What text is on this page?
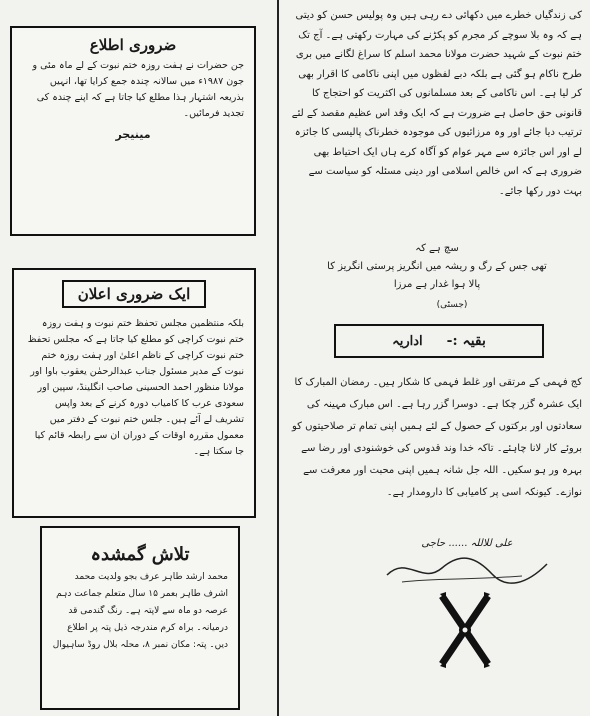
ضروری اطلاع
جن حضرات نے ہفت روزہ ختم نبوت کے لے ماہ مئی و جون ۱۹۸۷ء میں سالانہ چندہ جمع کرایا تھا، انہیں بذریعہ اشتہار ہذا مطلع کیا جاتا ہے کہ اپنے چندہ کی تجدید فرمائیں۔
مینیجر
ایک ضروری اعلان
بلکہ منتظمین مجلس تحفظ ختم نبوت و ہفت روزہ ختم نبوت کراچی کو مطلع کیا جاتا ہے کہ مجلس تحفظ ختم نبوت کراچی کے ناظم اعلیٰ اور ہفت روزہ ختم نبوت کے مدیر مسئول جناب عبدالرحمٰن یعقوب باوا اور مولانا منظور احمد الحسینی صاحب انگلینڈ، سپین اور سعودی عرب کا کامیاب دورہ کرنے کے بعد واپس تشریف لے آئے ہیں۔ جلس ختم نبوت کے دفتر میں معمول مقررہ اوقات کے دوران ان سے رابطہ قائم کیا جا سکتا ہے۔
تلاش گمشدہ
محمد ارشد طاہر عرف بجو ولدیت محمد اشرف طاہر بعمر ۱۵ سال متعلم جماعت دہم عرصہ دو ماہ سے لاپتہ ہے۔ رنگ گندمی قد درمیانہ۔ براہ کرم مندرجہ ذیل پتہ پر اطلاع دیں۔ پتہ: مکان نمبر ۸، محلہ بلال روڈ ساہیوال
کی زندگیاں خطرے میں دکھائی دے رہی ہیں وہ پولیس حسن کو دیتی ہے کہ وہ بلا سوچے کر مجرم کو پکڑنے کی مہارت رکھتی ہے۔ آج تک ختم نبوت کے شہید حضرت مولانا محمد اسلم کا سراغ لگانے میں بری طرح ناکام ہو گئی ہے بلکہ دبے لفظوں میں اپنی ناکامی کا اقرار بھی کر لیا ہے۔ اس ناکامی کے بعد مسلمانوں کی اکثریت کو احتجاج کا قانونی حق حاصل ہے ضرورت ہے کہ ایک وفد اس عظیم مقصد کے لئے ترتیب دیا جائے اور وہ مرزائیوں کی موجودہ خطرناک پالیسی کا جائزہ لے اور اس جائزہ سے مہر عوام کو آگاہ کرے ہاں ایک احتیاط بھی ضروری ہے کہ اس خالص اسلامی اور دینی مسئلہ کو سیاست سے بہت دور رکھا جائے۔
سچ ہے کہ
تھی جس کے رگ و ریشہ میں انگریز پرستی انگریز کا پالا ہوا غدار ہے مرزا
(جسٹی)
بقیہ :-
اداریہ
کج فہمی کے مرتقی اور غلط فہمی کا شکار ہیں۔ رمضان المبارک کا ایک عشرہ گزر چکا ہے۔ دوسرا گزر رہا ہے۔ اس مبارک مہینہ کی سعادتوں اور برکتوں کے حصول کے لئے ہمیں اپنی تمام تر صلاحیتوں کو بروئے کار لانا چاہئے۔ تاکہ خدا وند قدوس کی خوشنودی اور رضا سے بہرہ ور ہو سکیں۔ اللہ جل شانہ ہمیں اپنی محبت اور معرفت سے نوازے۔ کیونکہ اسی پر کامیابی کا دارومدار ہے۔
علی للاللہ ...... حاجی
